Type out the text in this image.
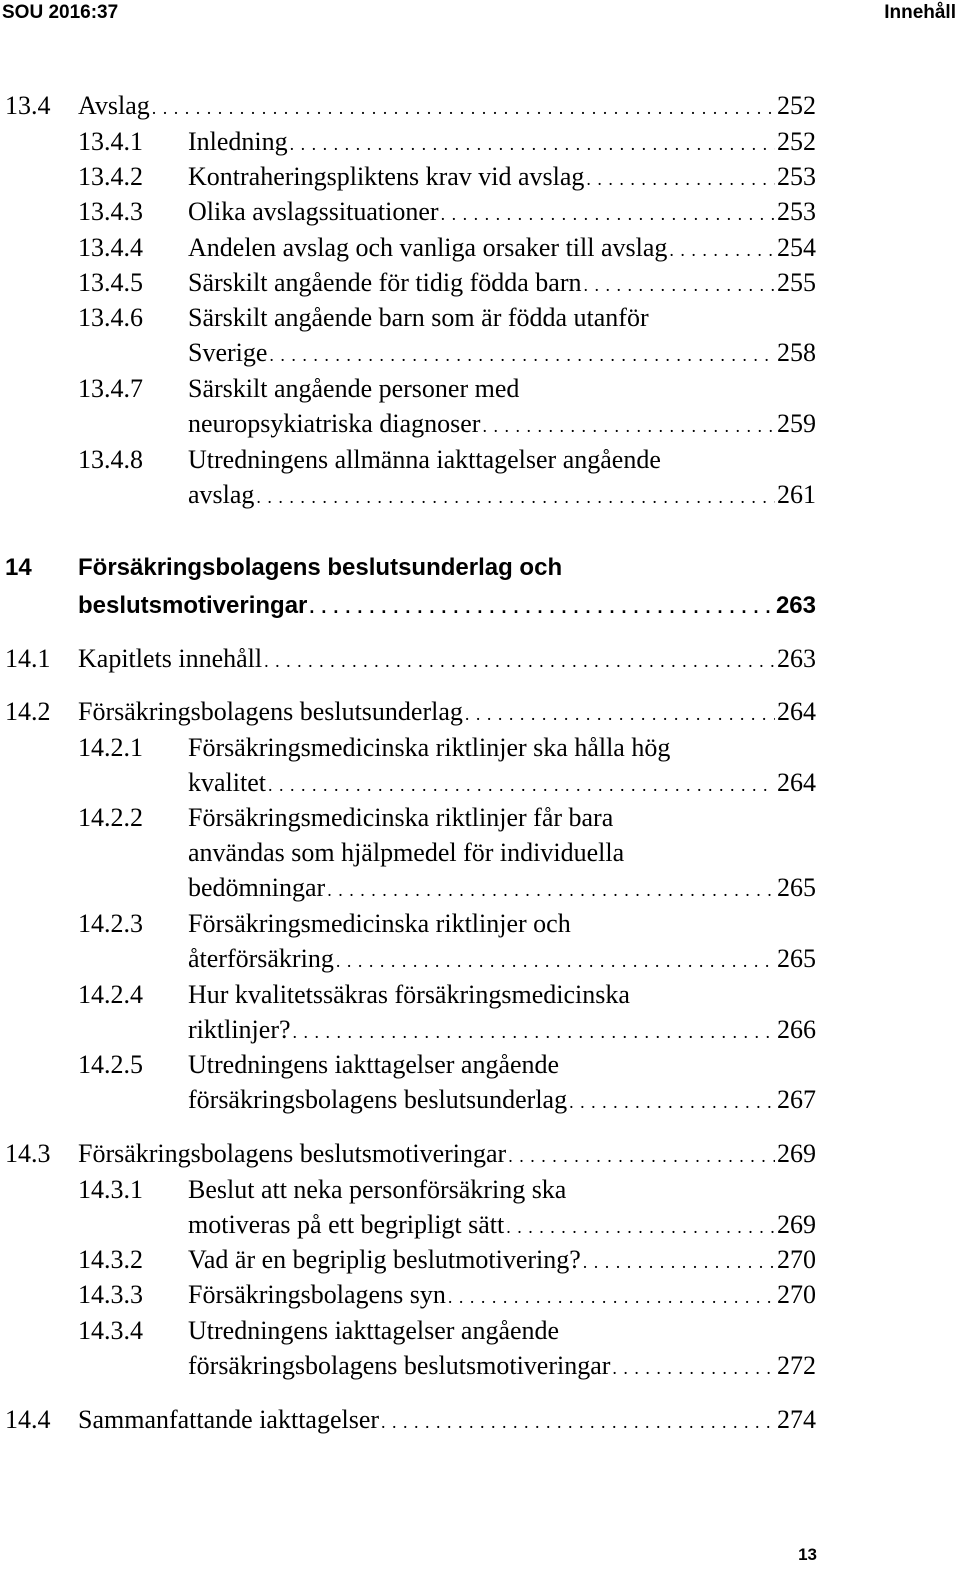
SOU 2016:37	Innehåll
13.4 Avslag . . .	252
13.4.1 Inledning . . .	252
13.4.2 Kontraheringspliktens krav vid avslag . . .	253
13.4.3 Olika avslagssituationer . . .	253
13.4.4 Andelen avslag och vanliga orsaker till avslag . . .	254
13.4.5 Särskilt angående för tidig födda barn . . .	255
13.4.6 Särskilt angående barn som är födda utanför
Sverige . . .	258
13.4.7 Särskilt angående personer med
neuropsykiatriska diagnoser . . .	259
13.4.8 Utredningens allmänna iakttagelser angående
avslag . . .	261
14 Försäkringsbolagens beslutsunderlag och
beslutsmotiveringar . . .	263
14.1 Kapitlets innehåll . . .	263
14.2 Försäkringsbolagens beslutsunderlag . . .	264
14.2.1 Försäkringsmedicinska riktlinjer ska hålla hög
kvalitet . . .	264
14.2.2 Försäkringsmedicinska riktlinjer får bara
användas som hjälpmedel för individuella
bedömningar . . .	265
14.2.3 Försäkringsmedicinska riktlinjer och
återförsäkring . . .	265
14.2.4 Hur kvalitetssäkras försäkringsmedicinska
riktlinjer? . . .	266
14.2.5 Utredningens iakttagelser angående
försäkringsbolagens beslutsunderlag . . .	267
14.3 Försäkringsbolagens beslutsmotiveringar . . .	269
14.3.1 Beslut att neka personförsäkring ska
motiveras på ett begripligt sätt . . .	269
14.3.2 Vad är en begriplig beslutmotivering? . . .	270
14.3.3 Försäkringsbolagens syn . . .	270
14.3.4 Utredningens iakttagelser angående
försäkringsbolagens beslutsmotiveringar . . .	272
14.4 Sammanfattande iakttagelser . . .	274
13
